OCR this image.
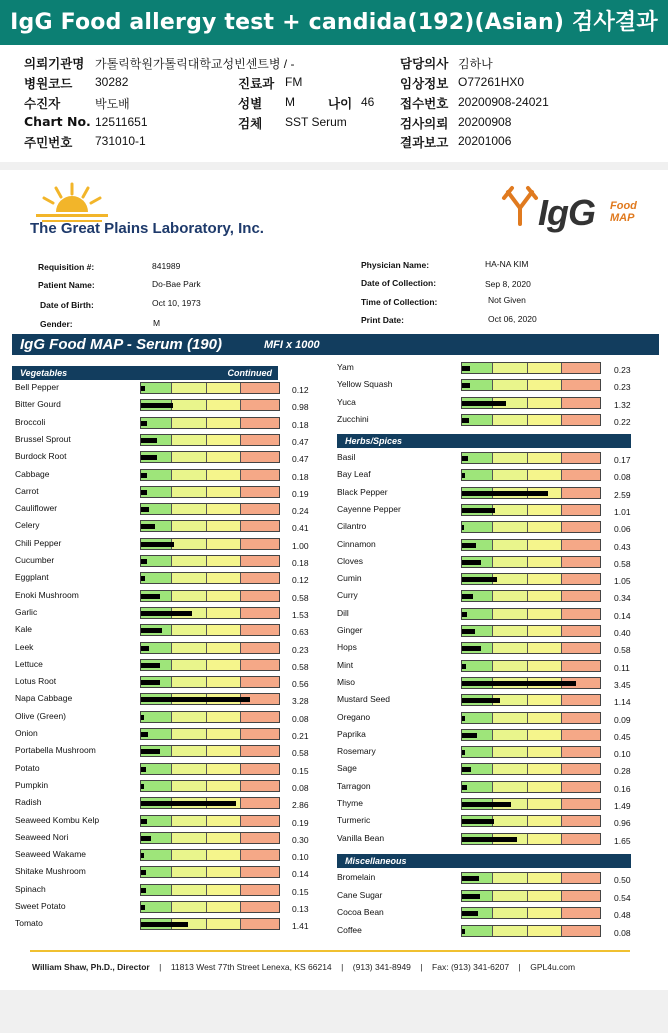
IgG Food allergy test + candida(192)(Asian) 검사결과
의뢰기관명 가톨릭학원가톨릭대학교성빈센트병 / -
병원코드 30282
수진자	박도배
Chart No. 12511651
주민번호 731010-1
진료과 FM
성별 M	나이 46
검체 SST Serum
담당의사 김하나
임상정보 O77261HX0
접수번호 20200908-24021
검사의뢰 20200908
결과보고 20201006
The Great Plains Laboratory, Inc.	IgG Food
MAP
Requisition #:	841989
Patient Name:	Do-Bae Park
Date of Birth:	Oct 10, 1973
Gender:	M
Physician Name:	HA-NA KIM
Date of Collection:	Sep 8, 2020
Time of Collection:	Not Given
Print Date:	Oct 06, 2020
IgG Food MAP - Serum (190)	MFI x 1000
Vegetables	Continued
Herbs/Spices
Miscellaneous
Bell Pepper	0.12
Bitter Gourd	0.98
Broccoli	0.18
Brussel Sprout	0.47
Burdock Root	0.47
Cabbage	0.18
Carrot	0.19
Cauliflower	0.24
Celery	0.41
Chili Pepper	1.00
Cucumber	0.18
Eggplant	0.12
Enoki Mushroom	0.58
Garlic	1.53
Kale	0.63
Leek	0.23
Lettuce	0.58
Lotus Root	0.56
Napa Cabbage	3.28
Olive (Green)	0.08
Onion	0.21
Portabella Mushroom	0.58
Potato	0.15
Pumpkin	0.08
Radish	2.86
Seaweed Kombu Kelp	0.19
Seaweed Nori	0.30
Seaweed Wakame	0.10
Shitake Mushroom	0.14
Spinach	0.15
Sweet Potato	0.13
Tomato	1.41
Yam	0.23
Yellow Squash	0.23
Yuca	1.32
Zucchini	0.22
Basil	0.17
Bay Leaf	0.08
Black Pepper	2.59
Cayenne Pepper	1.01
Cilantro	0.06
Cinnamon	0.43
Cloves	0.58
Cumin	1.05
Curry	0.34
Dill	0.14
Ginger	0.40
Hops	0.58
Mint	0.11
Miso	3.45
Mustard Seed	1.14
Oregano	0.09
Paprika	0.45
Rosemary	0.10
Sage	0.28
Tarragon	0.16
Thyme	1.49
Turmeric	0.96
Vanilla Bean	1.65
Bromelain	0.50
Cane Sugar	0.54
Cocoa Bean	0.48
Coffee	0.08
William Shaw, Ph.D., Director | 11813 West 77th Street Lenexa, KS 66214 | (913) 341-8949 | Fax: (913) 341-6207 | GPL4u.com
